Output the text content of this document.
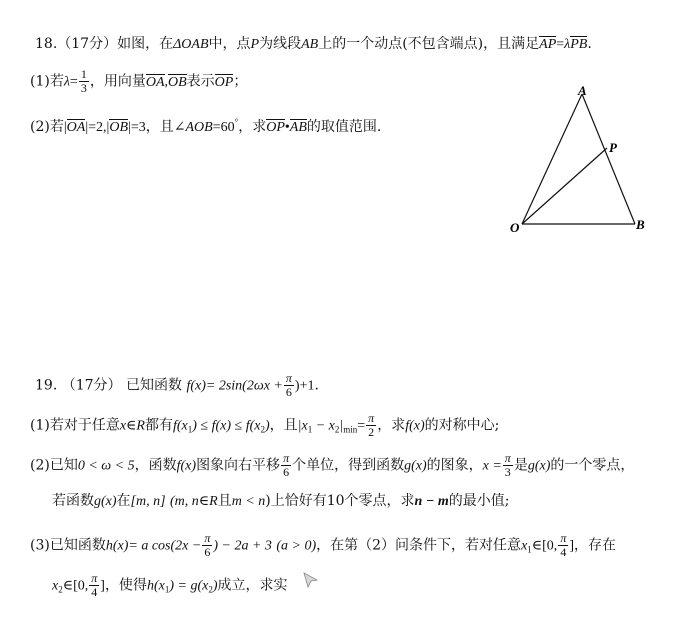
18.（17分）如图，在ΔOAB中，点P为线段AB上的一个动点(不包含端点)，且满足AP=λPB.
(1)若$\lambda= \frac{1}{3}$ ，用向量OA,OB表示OP；
(2)若|OA|=2,|OB|=3，且∠AOB=60°，求OP•AB的取值范围.
A
P
O	B
19. （17分） 已知函数 $f(x)= 2\sin(2\omega x + \frac{\pi}{6} )+1$.
(1)若对于任意x∈R都有$f(x_1) \le f(x) \le f(x_2)$，且$|x_1 - x_2|_{min}= \frac{\pi}{2}$ ，求f(x)的对称中心;
(2)已知0 < ω < 5，函数f(x)图象向右平移 $\frac{\pi}{6}$ 个单位，得到函数g(x)的图象，$x = \frac{\pi}{3}$ 是g(x)的一个零点，
若函数g(x)在[m, n] (m, n∈R且m < n)上恰好有10个零点，求n − m的最小值;
(3)已知函数h(x)= a $\cos(2x - \frac{\pi}{6}$ ) − 2a + 3 (a > 0)，在第（2）问条件下，若对任意$x_1\in[0$, $\frac{\pi}{4}$ ]，存在
$x_2\in[0$, $\frac{\pi}{4}$ ]，使得$h(x_1) = g(x_2)$成立，求实
